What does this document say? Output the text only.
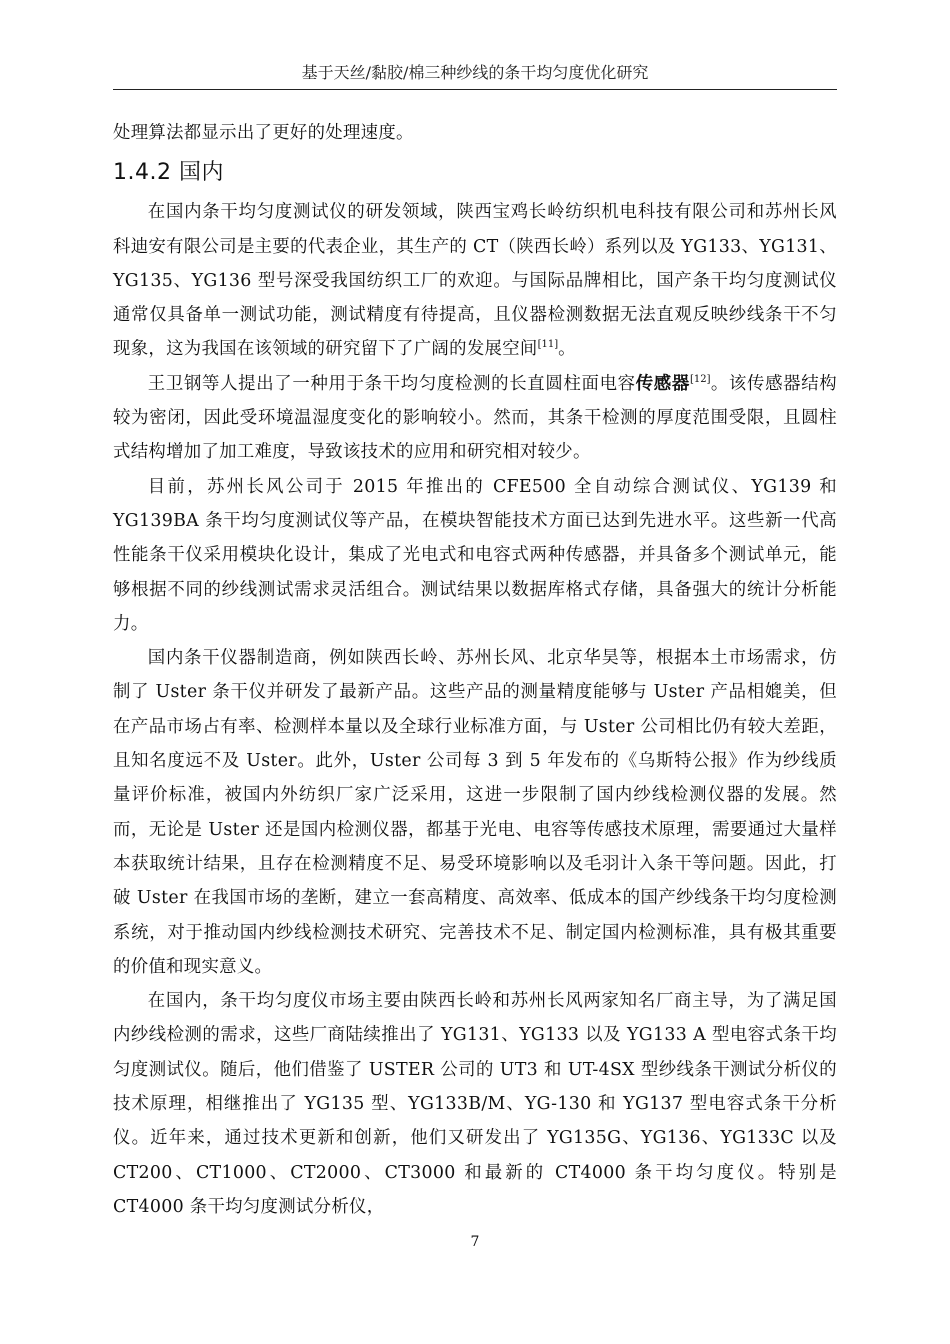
基于天丝/黏胶/棉三种纱线的条干均匀度优化研究

处理算法都显示出了更好的处理速度。

1.4.2 国内

在国内条干均匀度测试仪的研发领域，陕西宝鸡长岭纺织机电科技有限公司和苏州长风科迪安有限公司是主要的代表企业，其生产的 CT（陕西长岭）系列以及 YG133、YG131、YG135、YG136 型号深受我国纺织工厂的欢迎。与国际品牌相比，国产条干均匀度测试仪通常仅具备单一测试功能，测试精度有待提高，且仪器检测数据无法直观反映纱线条干不匀现象，这为我国在该领域的研究留下了广阔的发展空间[11]。

王卫钢等人提出了一种用于条干均匀度检测的长直圆柱面电容传感器[12]。该传感器结构较为密闭，因此受环境温湿度变化的影响较小。然而，其条干检测的厚度范围受限，且圆柱式结构增加了加工难度，导致该技术的应用和研究相对较少。

目前，苏州长风公司于 2015 年推出的 CFE500 全自动综合测试仪、YG139 和 YG139BA 条干均匀度测试仪等产品，在模块智能技术方面已达到先进水平。这些新一代高性能条干仪采用模块化设计，集成了光电式和电容式两种传感器，并具备多个测试单元，能够根据不同的纱线测试需求灵活组合。测试结果以数据库格式存储，具备强大的统计分析能力。

国内条干仪器制造商，例如陕西长岭、苏州长风、北京华昊等，根据本土市场需求，仿制了 Uster 条干仪并研发了最新产品。这些产品的测量精度能够与 Uster 产品相媲美，但在产品市场占有率、检测样本量以及全球行业标准方面，与 Uster 公司相比仍有较大差距，且知名度远不及 Uster。此外，Uster 公司每 3 到 5 年发布的《乌斯特公报》作为纱线质量评价标准，被国内外纺织厂家广泛采用，这进一步限制了国内纱线检测仪器的发展。然而，无论是 Uster 还是国内检测仪器，都基于光电、电容等传感技术原理，需要通过大量样本获取统计结果，且存在检测精度不足、易受环境影响以及毛羽计入条干等问题。因此，打破 Uster 在我国市场的垄断，建立一套高精度、高效率、低成本的国产纱线条干均匀度检测系统，对于推动国内纱线检测技术研究、完善技术不足、制定国内检测标准，具有极其重要的价值和现实意义。

在国内，条干均匀度仪市场主要由陕西长岭和苏州长风两家知名厂商主导，为了满足国内纱线检测的需求，这些厂商陆续推出了 YG131、YG133 以及 YG133 A 型电容式条干均匀度测试仪。随后，他们借鉴了 USTER 公司的 UT3 和 UT-4SX 型纱线条干测试分析仪的技术原理，相继推出了 YG135 型、YG133B/M、YG-130 和 YG137 型电容式条干分析仪。近年来，通过技术更新和创新，他们又研发出了 YG135G、YG136、YG133C 以及 CT200、CT1000、CT2000、CT3000 和最新的 CT4000 条干均匀度仪。特别是 CT4000 条干均匀度测试分析仪，

7
